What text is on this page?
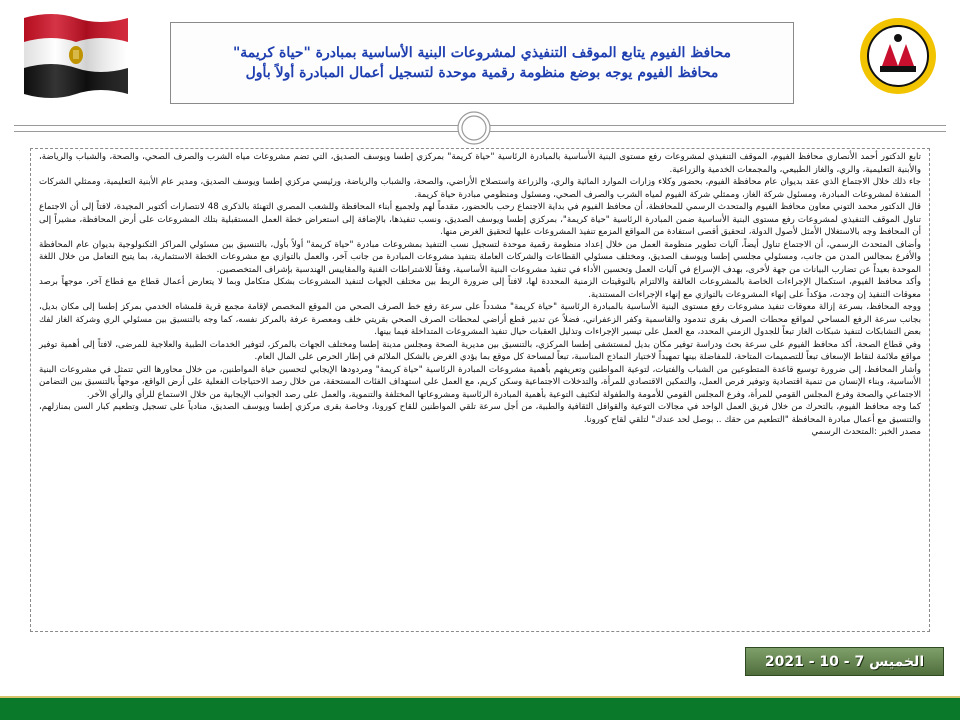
محافظ الفيوم يتابع الموقف التنفيذي لمشروعات البنية الأساسية بمبادرة "حياة كريمة"
محافظ الفيوم يوجه بوضع منظومة رقمية موحدة لتسجيل أعمال المبادرة أولاً بأول

تابع الدكتور أحمد الأنصاري محافظ الفيوم، الموقف التنفيذي لمشروعات رفع مستوى البنية الأساسية بالمبادرة الرئاسية "حياة كريمة" بمركزي إطسا ويوسف الصديق، التي تضم مشروعات مياه الشرب والصرف الصحي، والصحة، والشباب والرياضة، والأبنية التعليمية، والري، والغاز الطبيعي، والمجمعات الخدمية والزراعية.

جاء ذلك خلال الاجتماع الذي عقد بديوان عام محافظة الفيوم، بحضور وكلاء وزارات الموارد المائية والري، والزراعة واستصلاح الأراضي، والصحة، والشباب والرياضة، ورئيسي مركزي إطسا ويوسف الصديق، ومدير عام الأبنية التعليمية، وممثلي الشركات المنفذة لمشروعات المبادرة، ومسئول شركة الغاز، وممثلي شركة الفيوم لمياه الشرب والصرف الصحي، ومسئول ومنظومي مبادرة حياة كريمة.

قال الدكتور محمد التوني معاون محافظ الفيوم والمتحدث الرسمي للمحافظة، أن محافظ الفيوم في بداية الاجتماع رحب بالحضور، مقدماً لهم ولجميع أبناء المحافظة وللشعب المصري التهنئة بالذكرى 48 لانتصارات أكتوبر المجيدة، لافتاً إلى أن الاجتماع تناول الموقف التنفيذي لمشروعات رفع مستوى البنية الأساسية ضمن المبادرة الرئاسية "حياة كريمة"، بمركزي إطسا ويوسف الصديق، ونسب تنفيذها، بالإضافة إلى استعراض خطة العمل المستقبلية بتلك المشروعات على أرض المحافظة، مشيراً إلى أن المحافظ وجه بالاستغلال الأمثل لأصول الدولة، لتحقيق أقصى استفادة من المواقع المزمع تنفيذ المشروعات عليها لتحقيق الغرض منها.

وأضاف المتحدث الرسمي، أن الاجتماع تناول أيضاً، آليات تطوير منظومة العمل من خلال إعداد منظومة رقمية موحدة لتسجيل نسب التنفيذ بمشروعات مبادرة "حياة كريمة" أولاً بأول، بالتنسيق بين مسئولي المراكز التكنولوجية بديوان عام المحافظة والأفرع بمجالس المدن من جانب، ومسئولي مجلسي إطسا ويوسف الصديق، ومختلف مسئولي القطاعات والشركات العاملة بتنفيذ مشروعات المبادرة من جانب آخر، والعمل بالتوازي مع مشروعات الخطة الاستثمارية، بما يتيح التعامل من خلال اللغة الموحدة بعيداً عن تضارب البيانات من جهة لأخرى، بهدف الإسراع في آليات العمل وتحسين الأداء في تنفيذ مشروعات البنية الأساسية، وفقاً للاشتراطات الفنية والمقاييس الهندسية بإشراف المتخصصين.

وأكد محافظ الفيوم، استكمال الإجراءات الخاصة بالمشروعات العالقة والالتزام بالتوقيتات الزمنية المحددة لها، لافتاً إلى ضرورة الربط بين مختلف الجهات لتنفيذ المشروعات بشكل متكامل وبما لا يتعارض أعمال قطاع مع قطاع آخر، موجهاً برصد معوقات التنفيذ إن وجدت، مؤكداً على إنهاء المشروعات بالتوازي مع إنهاء الإجراءات المستندية.

ووجه المحافظ، بسرعة إزالة معوقات تنفيذ مشروعات رفع مستوى البنية الأساسية بالمبادرة الرئاسية "حياة كريمة" مشدداً على سرعة رفع خط الصرف الصحي من الموقع المخصص لإقامة مجمع قرية قلمشاه الخدمي بمركز إطسا إلى مكان بديل، بجانب سرعة الرفع المساحي لمواقع محطات الصرف بقرى تندمود والقاسمية وكفر الزعفراني، فضلاً عن تدبير قطع أراضي لمحطات الصرف الصحي بقريتي خلف ومعصرة عرفة بالمركز نفسه، كما وجه بالتنسيق بين مسئولي الري وشركة الغاز لفك بعض التشابكات لتنفيذ شبكات الغاز تبعاً للجدول الزمني المحدد، مع العمل على تيسير الإجراءات وتذليل العقبات حيال تنفيذ المشروعات المتداخلة فيما بينها.

وفي قطاع الصحة، أكد محافظ الفيوم على سرعة بحث ودراسة توفير مكان بديل لمستشفى إطسا المركزي، بالتنسيق بين مديرية الصحة ومجلس مدينة إطسا ومختلف الجهات بالمركز، لتوفير الخدمات الطبية والعلاجية للمرضى، لافتاً إلى أهمية توفير مواقع ملائمة لنقاط الإسعاف تبعاً للتصميمات المتاحة، للمفاضلة بينها تمهيداً لاختيار النماذج المناسبة، تبعاً لمساحة كل موقع بما يؤدي الغرض بالشكل الملائم في إطار الحرص على المال العام.

وأشار المحافظ، إلى ضرورة توسيع قاعدة المتطوعين من الشباب والفتيات، لتوعية المواطنين وتعريفهم بأهمية مشروعات المبادرة الرئاسية "حياة كريمة" ومردودها الإيجابي لتحسين حياة المواطنين، من خلال محاورها التي تتمثل في مشروعات البنية الأساسية، وبناء الإنسان من تنمية اقتصادية وتوفير فرص العمل، والتمكين الاقتصادي للمرأة، والتدخلات الاجتماعية وسكن كريم، مع العمل على استهداف الفئات المستحقة، من خلال رصد الاحتياجات الفعلية على أرض الواقع، موجهاً بالتنسيق بين التضامن الاجتماعي والصحة وفرع المجلس القومي للمرأة، وفرع المجلس القومي للأمومة والطفولة لتكثيف التوعية بأهمية المبادرة الرئاسية ومشروعاتها المختلفة والتنموية، والعمل على رصد الجوانب الإيجابية من خلال الاستماع للرأي والرأي الآخر.

كما وجه محافظ الفيوم، بالتحرك من خلال فريق العمل الواحد في مجالات التوعية والقوافل الثقافية والطبية، من أجل سرعة تلقي المواطنين للقاح كورونا، وخاصة بقرى مركزي إطسا ويوسف الصديق، منادياً على تسجيل وتطعيم كبار السن بمنازلهم، والتنسيق مع أعمال مبادرة المحافظة "التطعيم من حقك .. بوصل لحد عندك" لتلقي لقاح كورونا.

مصدر الخبر :المتحدث الرسمي

الخميس 7 - 10 - 2021
